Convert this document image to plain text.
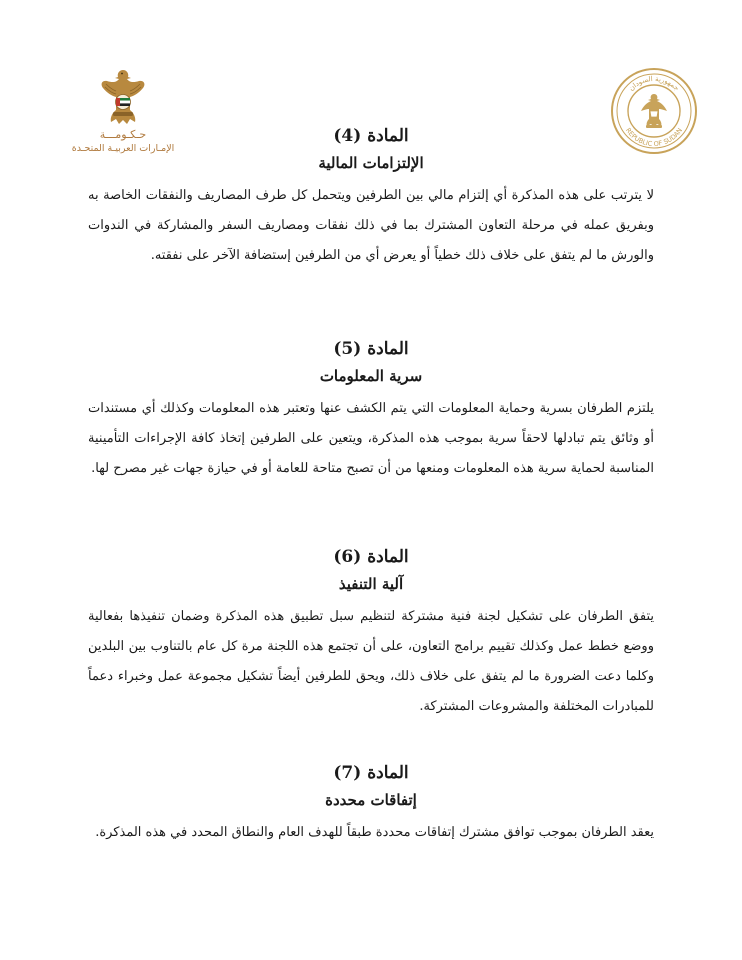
حـكـومـــة
الإمـارات العربيـة المتحـدة
جمهورية السودان
REPUBLIC OF SUDAN
المادة (4)
الإلتزامات المالية
لا يترتب على هذه المذكرة أي إلتزام مالي بين الطرفين ويتحمل كل طرف المصاريف والنفقات الخاصة به وبفريق عمله في مرحلة التعاون المشترك بما في ذلك نفقات ومصاريف السفر والمشاركة في الندوات والورش ما لم يتفق على خلاف ذلك خطياً أو يعرض أي من الطرفين إستضافة الآخر على نفقته.
المادة (5)
سرية المعلومات
يلتزم الطرفان بسرية وحماية المعلومات التي يتم الكشف عنها وتعتبر هذه المعلومات وكذلك أي مستندات أو وثائق يتم تبادلها لاحقاً سرية بموجب هذه المذكرة، ويتعين على الطرفين إتخاذ كافة الإجراءات التأمينية المناسبة لحماية سرية هذه المعلومات ومنعها من أن تصبح متاحة للعامة أو في حيازة جهات غير مصرح لها.
المادة (6)
آلية التنفيذ
يتفق الطرفان على تشكيل لجنة فنية مشتركة لتنظيم سبل تطبيق هذه المذكرة وضمان تنفيذها بفعالية ووضع خطط عمل وكذلك تقييم برامج التعاون، على أن تجتمع هذه اللجنة مرة كل عام بالتناوب بين البلدين وكلما دعت الضرورة ما لم يتفق على خلاف ذلك، ويحق للطرفين أيضاً تشكيل مجموعة عمل وخبراء دعماً للمبادرات المختلفة والمشروعات المشتركة.
المادة (7)
إتفاقات محددة
يعقد الطرفان بموجب توافق مشترك إتفاقات محددة طبقاً للهدف العام والنطاق المحدد في هذه المذكرة.
